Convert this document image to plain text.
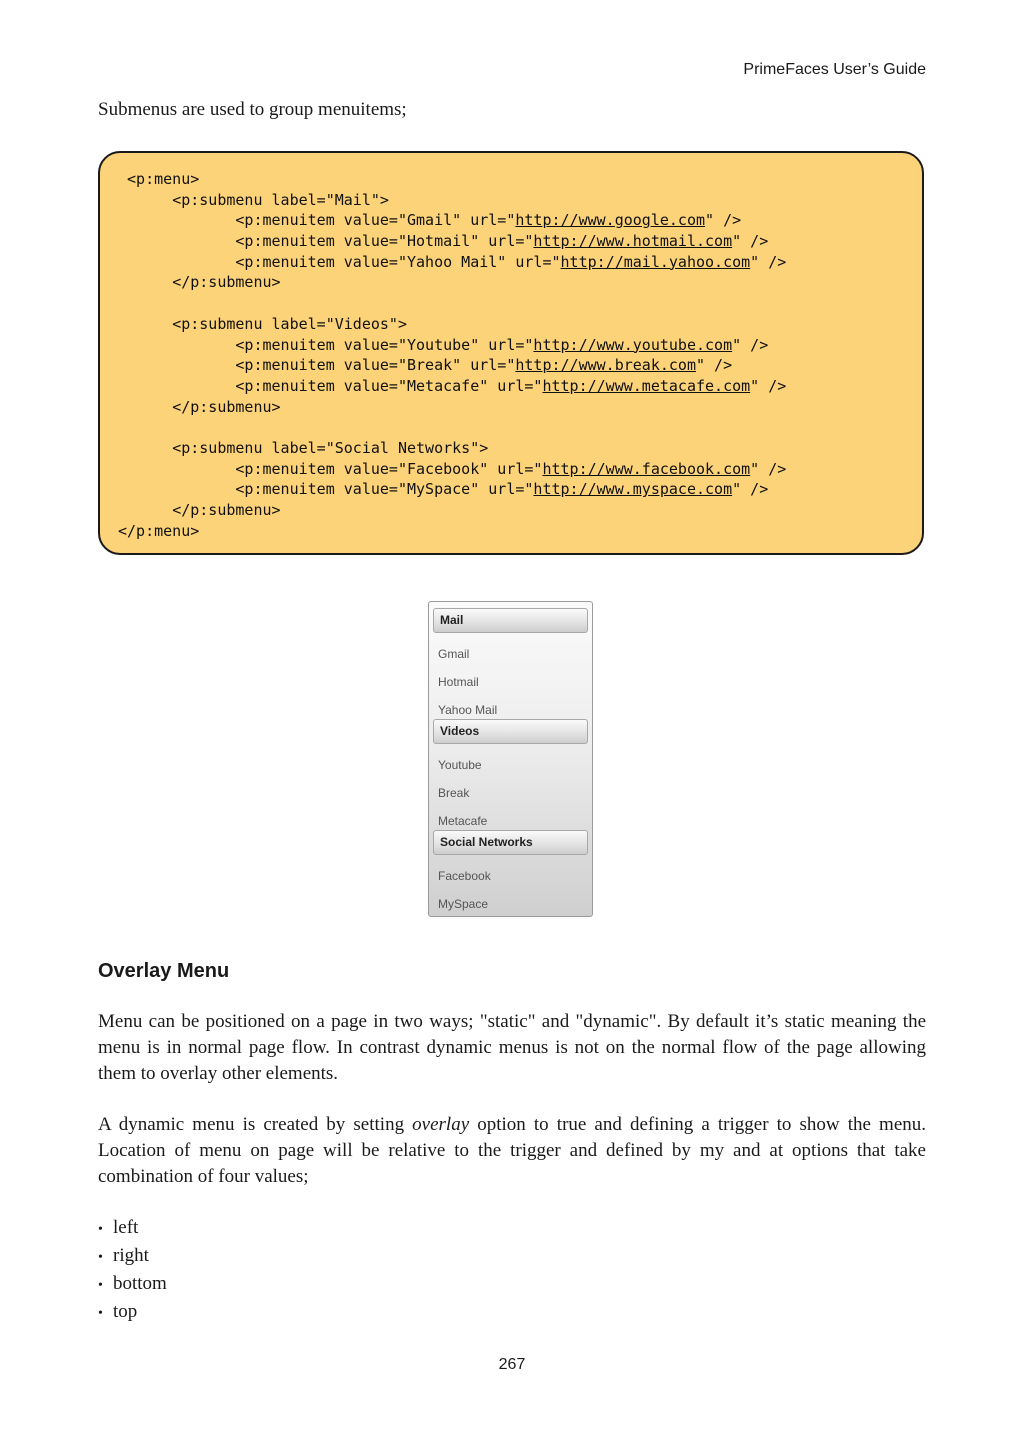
PrimeFaces User’s Guide

Submenus are used to group menuitems;

<p:menu>
<p:submenu label="Mail">
<p:menuitem value="Gmail" url="http://www.google.com" />
<p:menuitem value="Hotmail" url="http://www.hotmail.com" />
<p:menuitem value="Yahoo Mail" url="http://mail.yahoo.com" />
</p:submenu>
<p:submenu label="Videos">
<p:menuitem value="Youtube" url="http://www.youtube.com" />
<p:menuitem value="Break" url="http://www.break.com" />
<p:menuitem value="Metacafe" url="http://www.metacafe.com" />
</p:submenu>
<p:submenu label="Social Networks">
<p:menuitem value="Facebook" url="http://www.facebook.com" />
<p:menuitem value="MySpace" url="http://www.myspace.com" />
</p:submenu>
</p:menu>
Mail
Gmail
Hotmail
Yahoo Mail
Videos
Youtube
Break
Metacafe
Social Networks
Facebook
MySpace
Overlay Menu

Menu can be positioned on a page in two ways; "static" and "dynamic". By default it’s static meaning the menu is in normal page flow. In contrast dynamic menus is not on the normal flow of the page allowing them to overlay other elements.

A dynamic menu is created by setting overlay option to true and defining a trigger to show the menu. Location of menu on page will be relative to the trigger and defined by my and at options that take combination of four values;

• left
• right
• bottom
• top
267
